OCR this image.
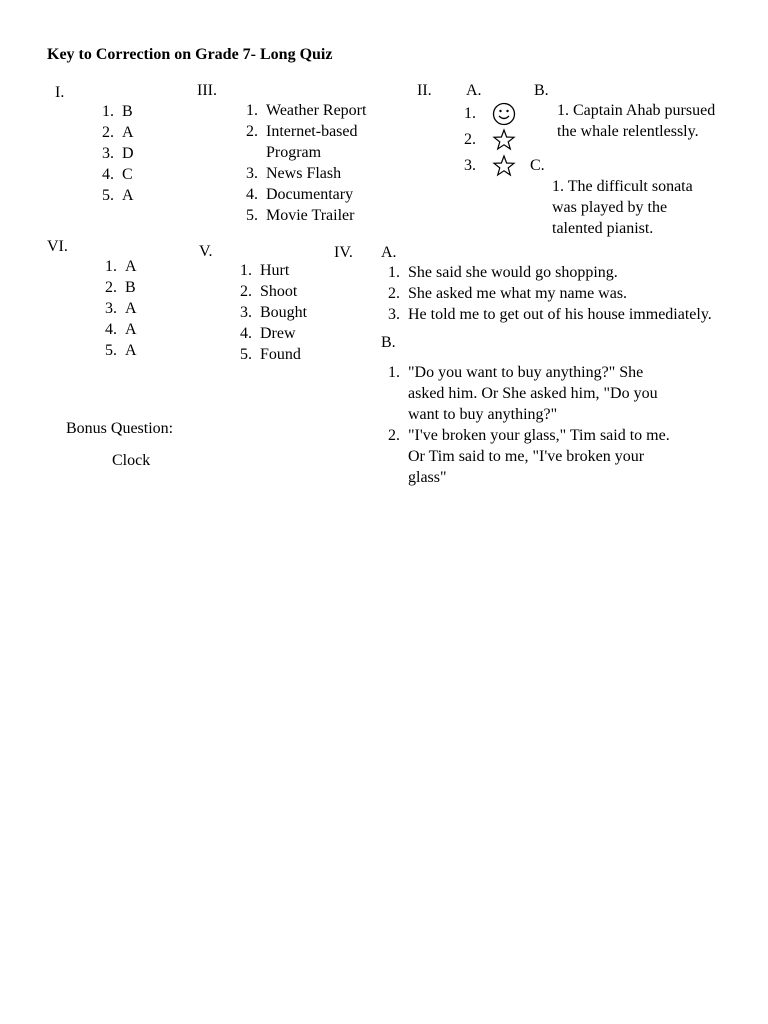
Key to Correction on Grade 7- Long Quiz
I.
1. B
2. A
3. D
4. C
5. A
III.
1. Weather Report
2. Internet-based
Program
3. News Flash
4. Documentary
5. Movie Trailer
II. A.	B.
1.
2.
3.
1. Captain Ahab pursued
the whale relentlessly.
C.
1. The difficult sonata
was played by the
talented pianist.
VI.
1. A
2. B
3. A
4. A
5. A
V.
1. Hurt
2. Shoot
3. Bought
4. Drew
5. Found
IV. A.
1. She said she would go shopping.
2. She asked me what my name was.
3. He told me to get out of his house immediately.
B.
1. "Do you want to buy anything?" She
asked him. Or She asked him, "Do you
want to buy anything?"
2. "I've broken your glass," Tim said to me.
Or Tim said to me, "I've broken your
glass"
Bonus Question:
Clock
